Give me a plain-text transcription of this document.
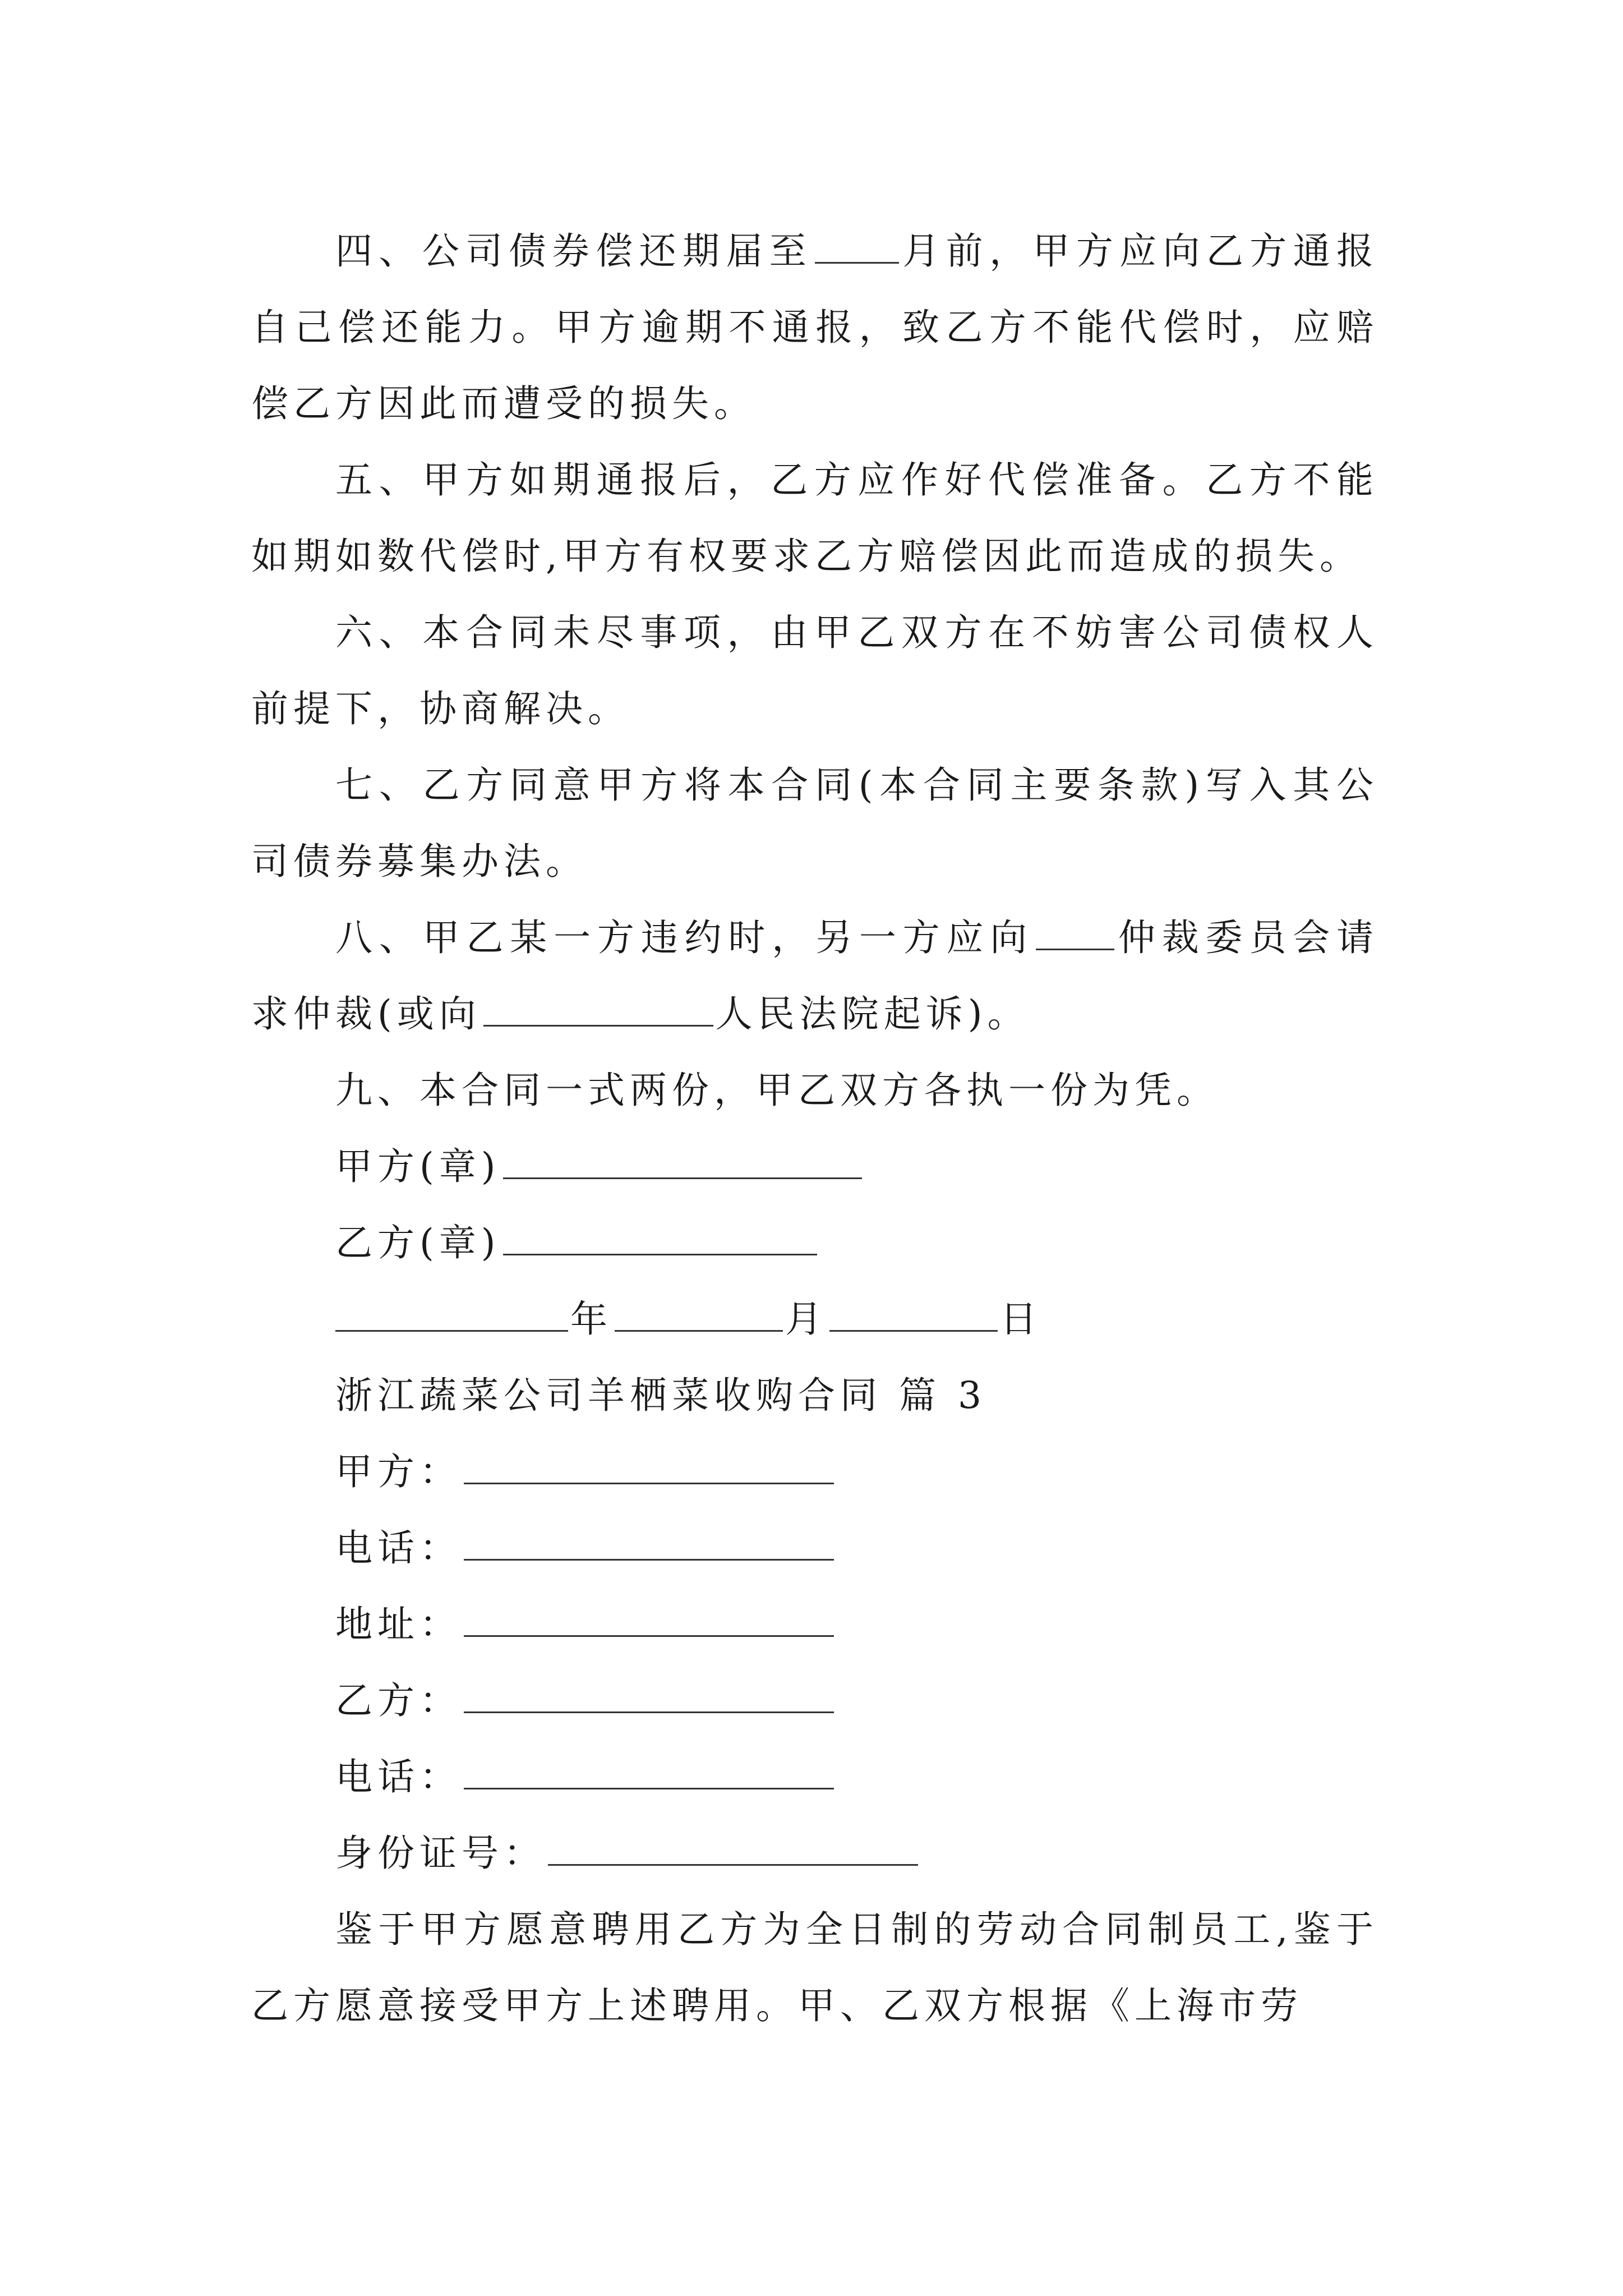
四、公司债券偿还期届至 月前，甲方应向乙方通报自己偿还能力。甲方逾期不通报，致乙方不能代偿时，应赔偿乙方因此而遭受的损失。
五、甲方如期通报后，乙方应作好代偿准备。乙方不能如期如数代偿时,甲方有权要求乙方赔偿因此而造成的损失。
六、本合同未尽事项，由甲乙双方在不妨害公司债权人前提下，协商解决。
七、乙方同意甲方将本合同(本合同主要条款)写入其公司债券募集办法。
八、甲乙某一方违约时，另一方应向 仲裁委员会请求仲裁(或向	人民法院起诉)。
九、本合同一式两份，甲乙双方各执一份为凭。
甲方(章)
乙方(章)
年	月	日
浙江蔬菜公司羊栖菜收购合同 篇 3
甲方：
电话：
地址：
乙方：
电话：
身份证号：
鉴于甲方愿意聘用乙方为全日制的劳动合同制员工,鉴于乙方愿意接受甲方上述聘用。甲、乙双方根据《上海市劳
